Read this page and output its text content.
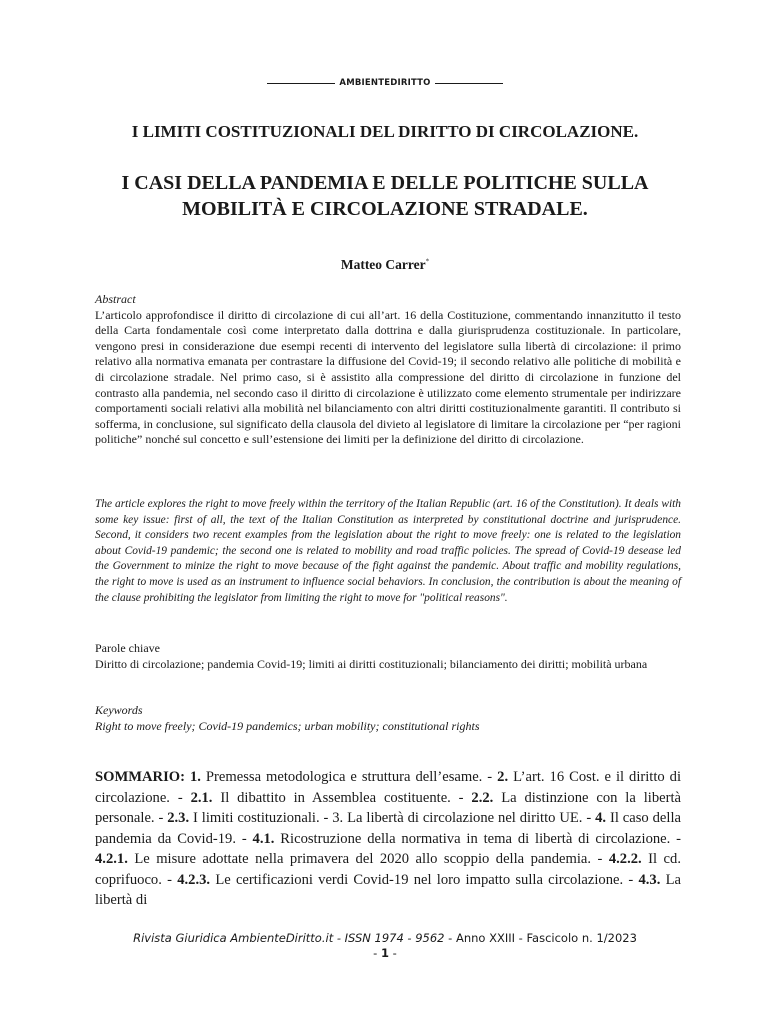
AMBIENTEDIRITTO
I LIMITI COSTITUZIONALI DEL DIRITTO DI CIRCOLAZIONE.
I CASI DELLA PANDEMIA E DELLE POLITICHE SULLA MOBILITÀ E CIRCOLAZIONE STRADALE.
Matteo Carrer*
Abstract
L’articolo approfondisce il diritto di circolazione di cui all’art. 16 della Costituzione, commentando innanzitutto il testo della Carta fondamentale così come interpretato dalla dottrina e dalla giurisprudenza costituzionale. In particolare, vengono presi in considerazione due esempi recenti di intervento del legislatore sulla libertà di circolazione: il primo relativo alla normativa emanata per contrastare la diffusione del Covid-19; il secondo relativo alle politiche di mobilità e di circolazione stradale. Nel primo caso, si è assistito alla compressione del diritto di circolazione in funzione del contrasto alla pandemia, nel secondo caso il diritto di circolazione è utilizzato come elemento strumentale per indirizzare comportamenti sociali relativi alla mobilità nel bilanciamento con altri diritti costituzionalmente garantiti. Il contributo si sofferma, in conclusione, sul significato della clausola del divieto al legislatore di limitare la circolazione per “per ragioni politiche” nonché sul concetto e sull’estensione dei limiti per la definizione del diritto di circolazione.
The article explores the right to move freely within the territory of the Italian Republic (art. 16 of the Constitution). It deals with some key issue: first of all, the text of the Italian Constitution as interpreted by constitutional doctrine and jurisprudence. Second, it considers two recent examples from the legislation about the right to move freely: one is related to the legislation about Covid-19 pandemic; the second one is related to mobility and road traffic policies. The spread of Covid-19 desease led the Government to minize the right to move because of the fight against the pandemic. About traffic and mobility regulations, the right to move is used as an instrument to influence social behaviors. In conclusion, the contribution is about the meaning of the clause prohibiting the legislator from limiting the right to move for "political reasons".
Parole chiave
Diritto di circolazione; pandemia Covid-19; limiti ai diritti costituzionali; bilanciamento dei diritti; mobilità urbana
Keywords
Right to move freely; Covid-19 pandemics; urban mobility; constitutional rights
SOMMARIO: 1. Premessa metodologica e struttura dell’esame. - 2. L’art. 16 Cost. e il diritto di circolazione. - 2.1. Il dibattito in Assemblea costituente. - 2.2. La distinzione con la libertà personale. - 2.3. I limiti costituzionali. - 3. La libertà di circolazione nel diritto UE. - 4. Il caso della pandemia da Covid-19. - 4.1. Ricostruzione della normativa in tema di libertà di circolazione. - 4.2.1. Le misure adottate nella primavera del 2020 allo scoppio della pandemia. - 4.2.2. Il cd. coprifuoco. - 4.2.3. Le certificazioni verdi Covid-19 nel loro impatto sulla circolazione. - 4.3. La libertà di
Rivista Giuridica AmbienteDiritto.it - ISSN 1974 - 9562 - Anno XXIII - Fascicolo n. 1/2023
- 1 -
